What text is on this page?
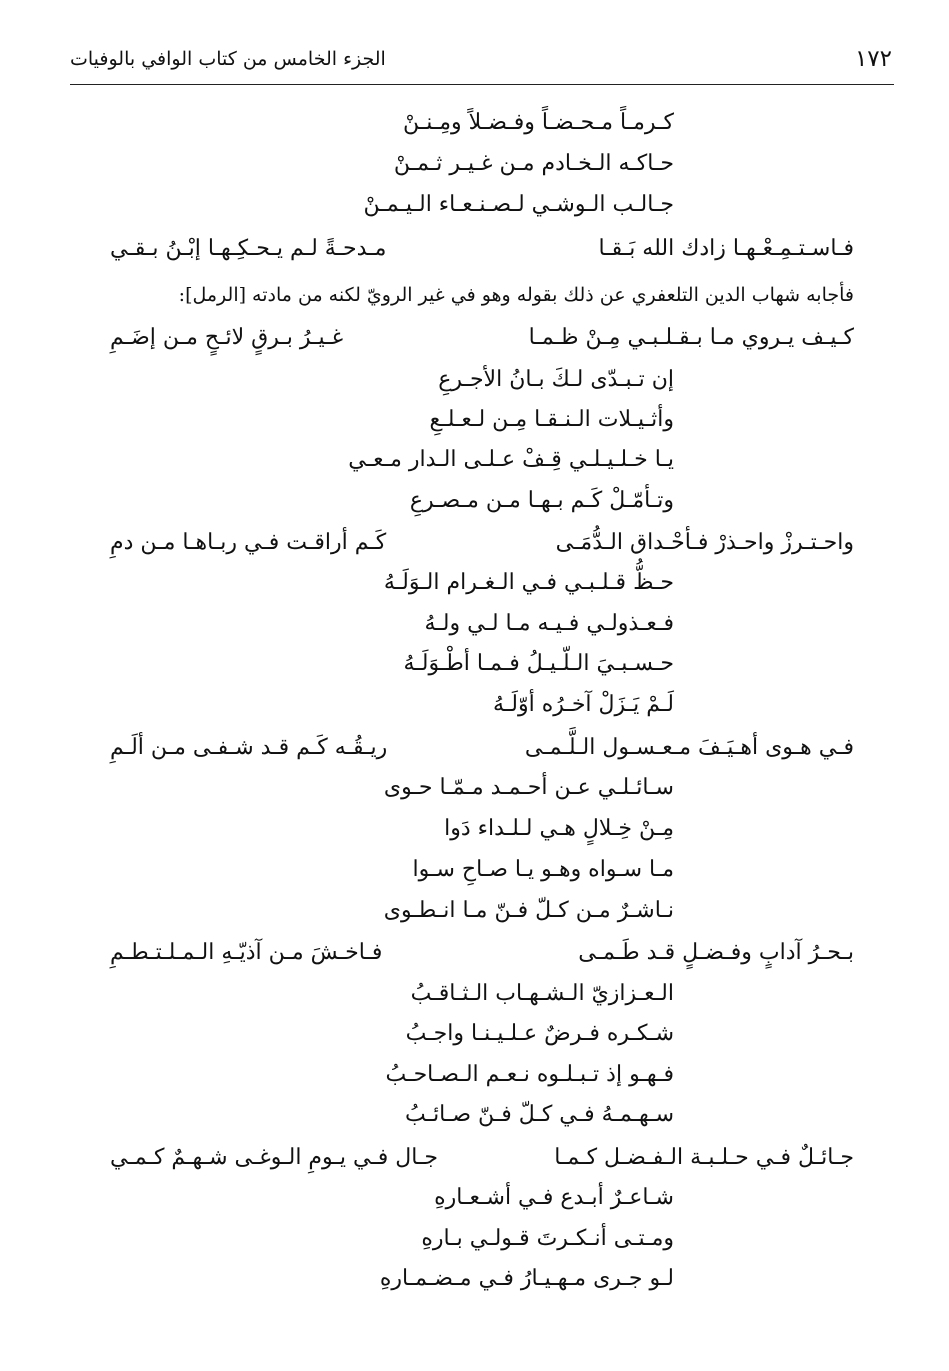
١٧٢
الجزء الخامس من كتاب الوافي بالوفيات
كـرمـاً مـحـضـاً وفـضـلاً ومِـنـنْ
حـاكـه الـخـادم مـن غـيـر ثـمـنْ
جـالـب الـوشـي لـصـنـعـاء الـيـمـنْ
فـاسـتـمِـعْـهـا زادك الله بَـقـا
مـدحـةً لـم يـحـكِـهـا إبْـنُ بـقـي
فأجابه شهاب الدين التلعفري عن ذلك بقوله وهو في غير الرويّ لكنه من مادته [الرمل]:
كـيـف يـروي مـا بـقـلـبـي مِـنْ ظـمـا
غـيـرُ بـرقٍ لائـحٍ مـن إضَـمِ
إن تـبـدّى لـكَ بـانُ الأجـرعِ
وأثـيـلات الـنـقـا مِـن لـعـلـعِ
يـا خـلـيـلـي قِـفْ عـلـى الـدار مـعـي
وتـأمّـلْ كَـم بـهـا مـن مـصـرعِ
واحـتـرزْ واحـذرْ فـأحْـداق الـدُّمَـى
كَـم أراقـت فـي ربـاهـا مـن دمِ
حـظُّ قـلـبـي فـي الـغـرام الـوَلَـهُ
فـعـذولـي فـيـه مـا لـي ولـهُ
حـسـبـيَ الـلّـيـلُ فـمـا أطْـوَلَـهُ
لَـمْ يَـزَلْ آخـرُه أوّلَـهُ
فـي هـوى أهـيَـفَ مـعـسـول الـلَّـمـى
ريـقُـه كَـم قـد شـفـى مـن ألَـمِ
سـائـلـي عـن أحـمـد مـمّـا حـوى
مِـنْ خِـلالٍ هـي لـلـداء دَوا
مـا سـواه وهـو يـا صـاحِ سـوا
نـاشـرٌ مـن كـلّ فـنّ مـا انـطـوى
بـحـرُ آدابٍ وفـضـلٍ قـد طَـمـى
فـاخـشَ مـن آذيّـهِ الـمـلـتـطـمِ
الـعـزازيّ الـشـهـاب الـثـاقـبُ
شـكـره فـرضٌ عـلـيـنـا واجـبُ
فـهـو إذ تـبـلـوه نـعـم الـصـاحـبُ
سـهـمـهُ فـي كـلّ فـنّ صـائـبُ
جـائـلٌ فـي حـلـبـة الـفـضـل كـمـا
جـال فـي يـومِ الـوغـى شـهـمٌ كـمـي
شـاعـرٌ أبـدع فـي أشـعـارهِ
ومـتـى أنـكـرتَ قـولـي بـارهِ
لـو جـرى مـهـيـارُ فـي مـضـمـارهِ
